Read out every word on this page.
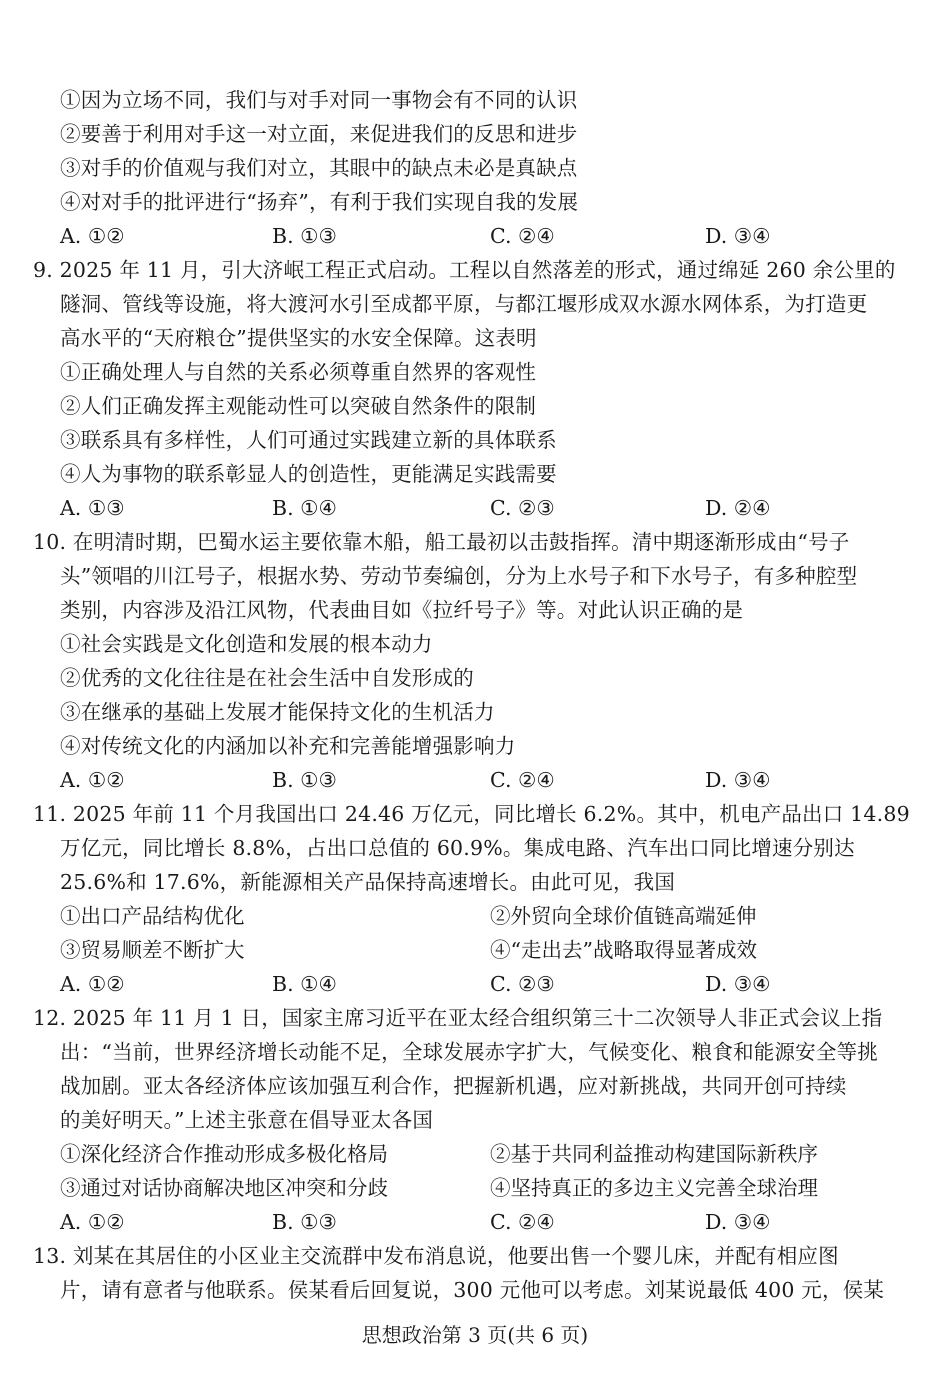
①因为立场不同，我们与对手对同一事物会有不同的认识
②要善于利用对手这一对立面，来促进我们的反思和进步
③对手的价值观与我们对立，其眼中的缺点未必是真缺点
④对对手的批评进行“扬弃”，有利于我们实现自我的发展
A. ①②	B. ①③	C. ②④	D. ③④
9. 2025 年 11 月，引大济岷工程正式启动。工程以自然落差的形式，通过绵延 260 余公里的
隧洞、管线等设施，将大渡河水引至成都平原，与都江堰形成双水源水网体系，为打造更
高水平的“天府粮仓”提供坚实的水安全保障。这表明
①正确处理人与自然的关系必须尊重自然界的客观性
②人们正确发挥主观能动性可以突破自然条件的限制
③联系具有多样性，人们可通过实践建立新的具体联系
④人为事物的联系彰显人的创造性，更能满足实践需要
A. ①③	B. ①④	C. ②③	D. ②④
10. 在明清时期，巴蜀水运主要依靠木船，船工最初以击鼓指挥。清中期逐渐形成由“号子
头”领唱的川江号子，根据水势、劳动节奏编创，分为上水号子和下水号子，有多种腔型
类别，内容涉及沿江风物，代表曲目如《拉纤号子》等。对此认识正确的是
①社会实践是文化创造和发展的根本动力
②优秀的文化往往是在社会生活中自发形成的
③在继承的基础上发展才能保持文化的生机活力
④对传统文化的内涵加以补充和完善能增强影响力
A. ①②	B. ①③	C. ②④	D. ③④
11. 2025 年前 11 个月我国出口 24.46 万亿元，同比增长 6.2%。其中，机电产品出口 14.89
万亿元，同比增长 8.8%，占出口总值的 60.9%。集成电路、汽车出口同比增速分别达
25.6%和 17.6%，新能源相关产品保持高速增长。由此可见，我国
①出口产品结构优化	②外贸向全球价值链高端延伸
③贸易顺差不断扩大	④“走出去”战略取得显著成效
A. ①②	B. ①④	C. ②③	D. ③④
12. 2025 年 11 月 1 日，国家主席习近平在亚太经合组织第三十二次领导人非正式会议上指
出：“当前，世界经济增长动能不足，全球发展赤字扩大，气候变化、粮食和能源安全等挑
战加剧。亚太各经济体应该加强互利合作，把握新机遇，应对新挑战，共同开创可持续
的美好明天。”上述主张意在倡导亚太各国
①深化经济合作推动形成多极化格局	②基于共同利益推动构建国际新秩序
③通过对话协商解决地区冲突和分歧	④坚持真正的多边主义完善全球治理
A. ①②	B. ①③	C. ②④	D. ③④
13. 刘某在其居住的小区业主交流群中发布消息说，他要出售一个婴儿床，并配有相应图
片，请有意者与他联系。侯某看后回复说，300 元他可以考虑。刘某说最低 400 元，侯某
思想政治第 3 页(共 6 页)
